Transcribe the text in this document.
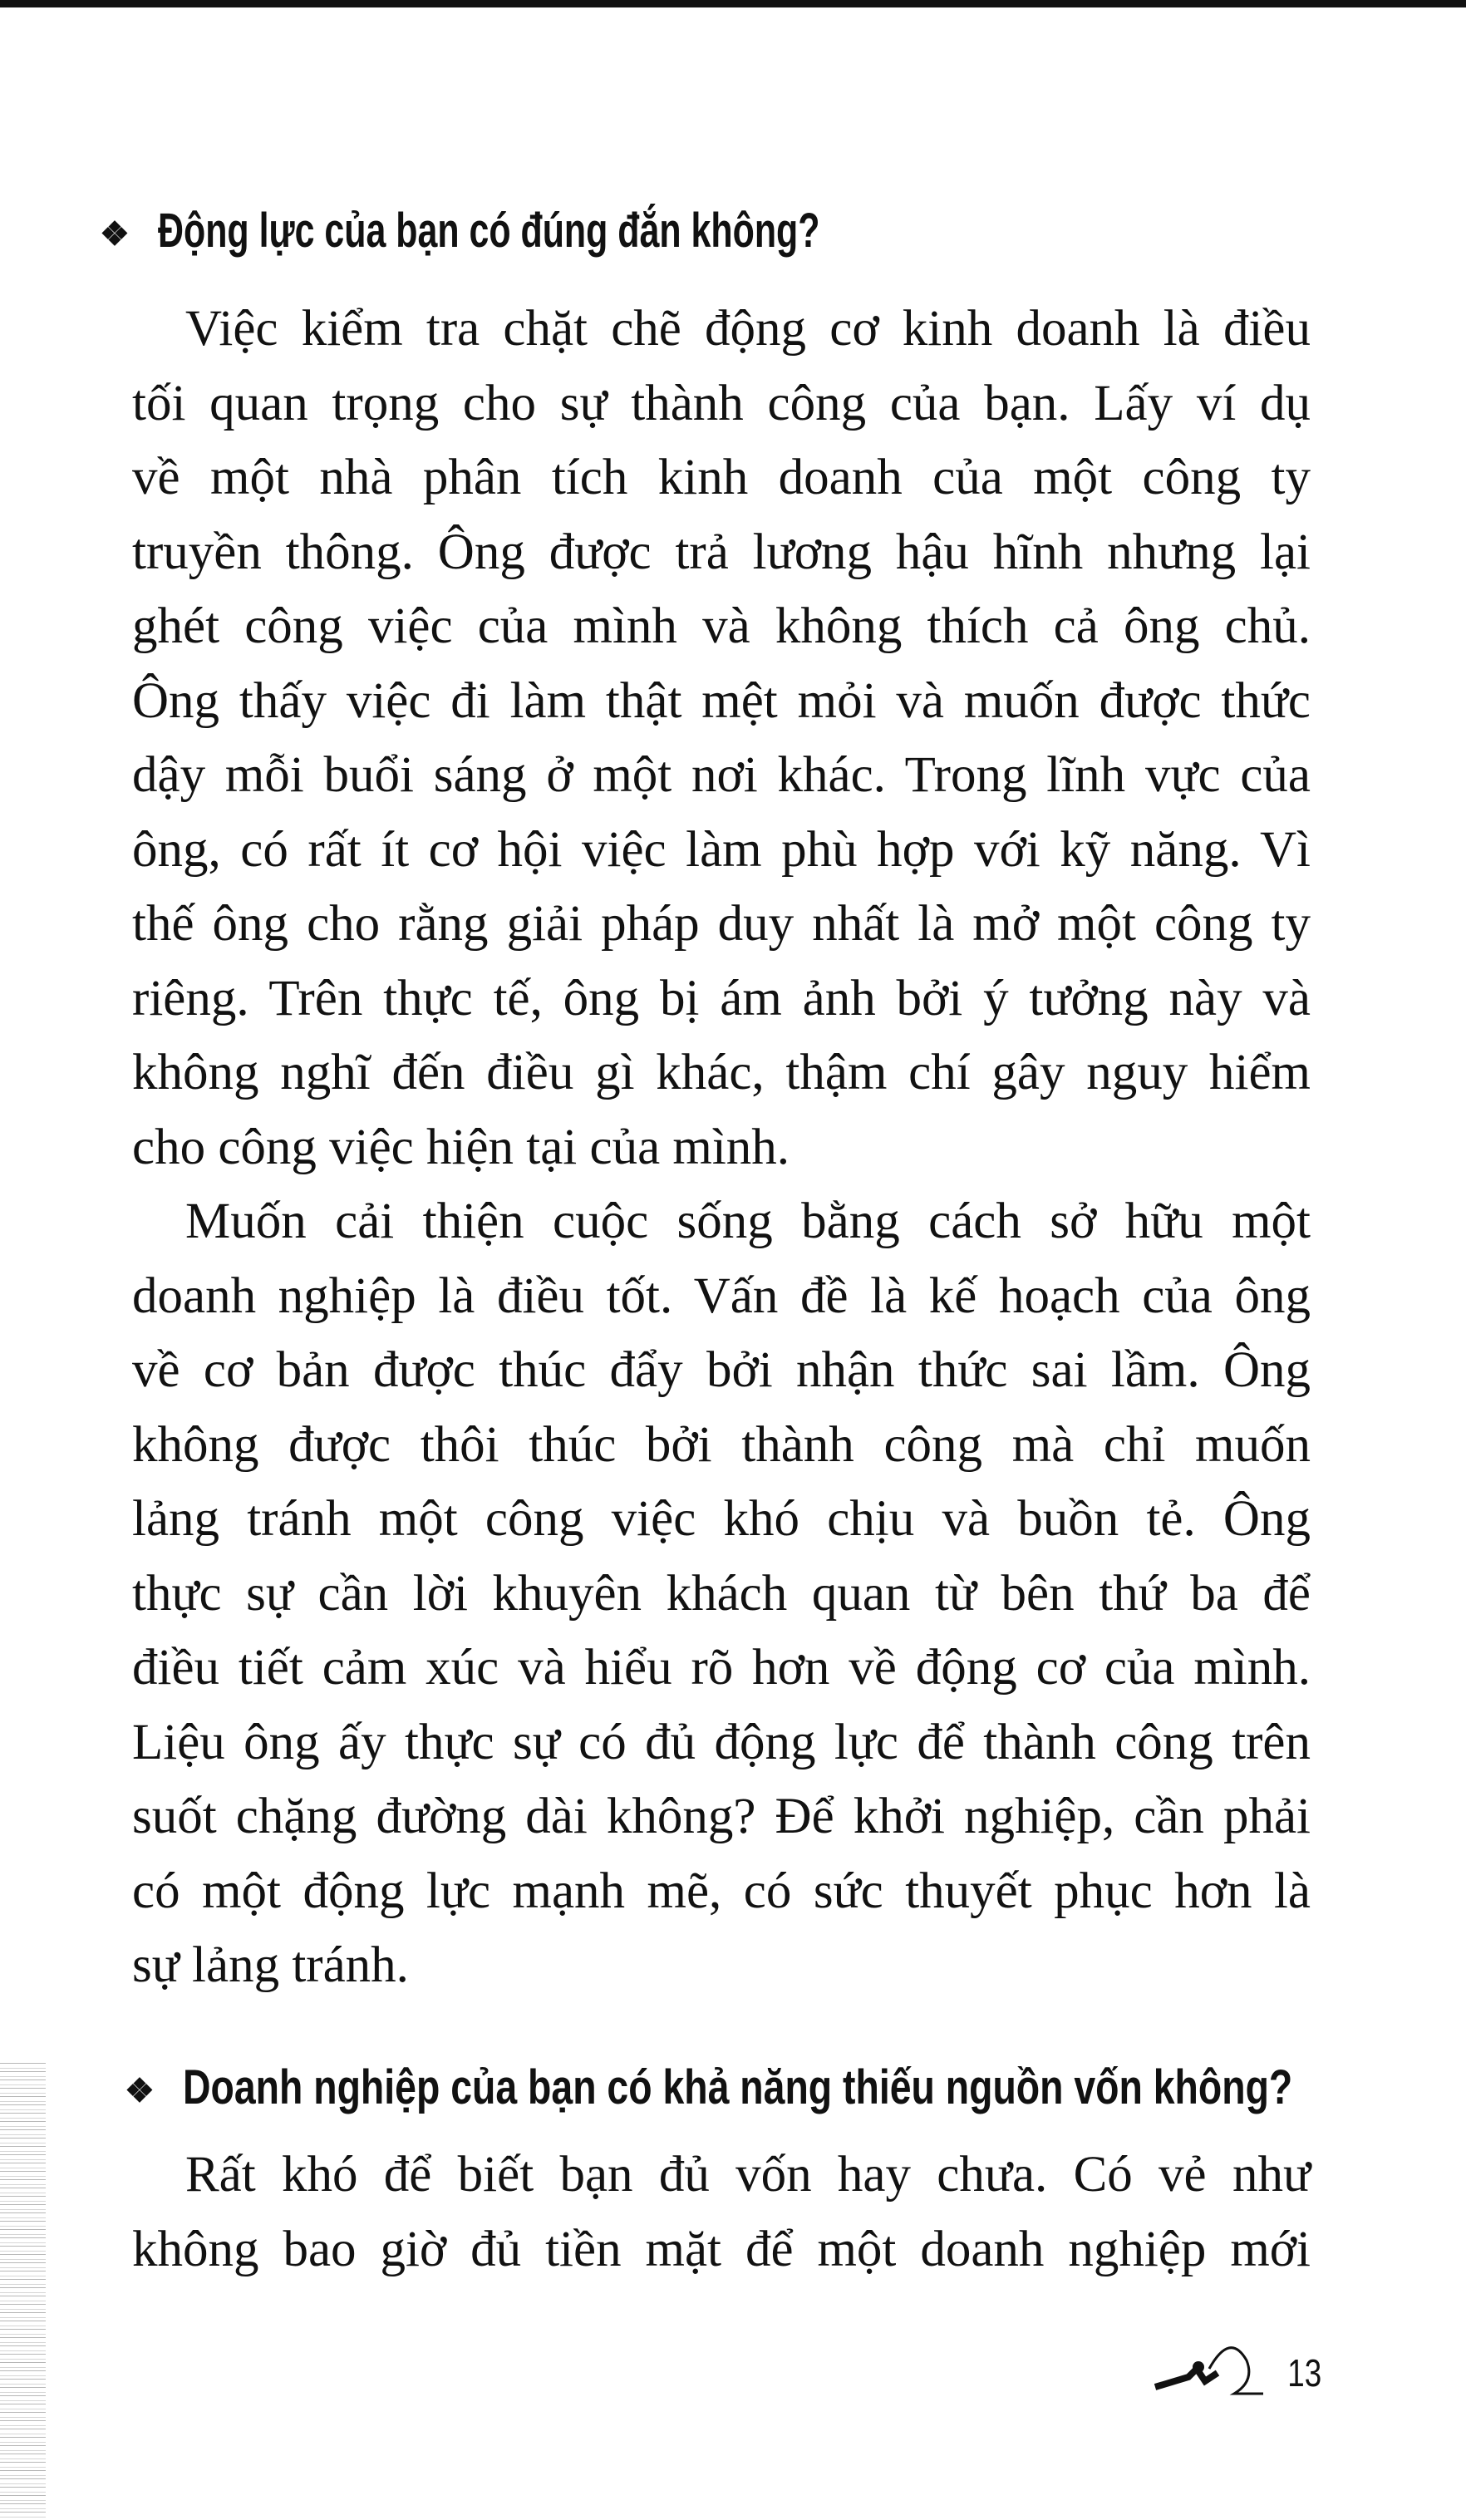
❖ Động lực của bạn có đúng đắn không?
Việc kiểm tra chặt chẽ động cơ kinh doanh là điều
tối quan trọng cho sự thành công của bạn. Lấy ví dụ
về một nhà phân tích kinh doanh của một công ty
truyền thông. Ông được trả lương hậu hĩnh nhưng lại
ghét công việc của mình và không thích cả ông chủ.
Ông thấy việc đi làm thật mệt mỏi và muốn được thức
dậy mỗi buổi sáng ở một nơi khác. Trong lĩnh vực của
ông, có rất ít cơ hội việc làm phù hợp với kỹ năng. Vì
thế ông cho rằng giải pháp duy nhất là mở một công ty
riêng. Trên thực tế, ông bị ám ảnh bởi ý tưởng này và
không nghĩ đến điều gì khác, thậm chí gây nguy hiểm
cho công việc hiện tại của mình.
Muốn cải thiện cuộc sống bằng cách sở hữu một
doanh nghiệp là điều tốt. Vấn đề là kế hoạch của ông
về cơ bản được thúc đẩy bởi nhận thức sai lầm. Ông
không được thôi thúc bởi thành công mà chỉ muốn
lảng tránh một công việc khó chịu và buồn tẻ. Ông
thực sự cần lời khuyên khách quan từ bên thứ ba để
điều tiết cảm xúc và hiểu rõ hơn về động cơ của mình.
Liệu ông ấy thực sự có đủ động lực để thành công trên
suốt chặng đường dài không? Để khởi nghiệp, cần phải
có một động lực mạnh mẽ, có sức thuyết phục hơn là
sự lảng tránh.
❖ Doanh nghiệp của bạn có khả năng thiếu nguồn vốn không?
Rất khó để biết bạn đủ vốn hay chưa. Có vẻ như
không bao giờ đủ tiền mặt để một doanh nghiệp mới
13
